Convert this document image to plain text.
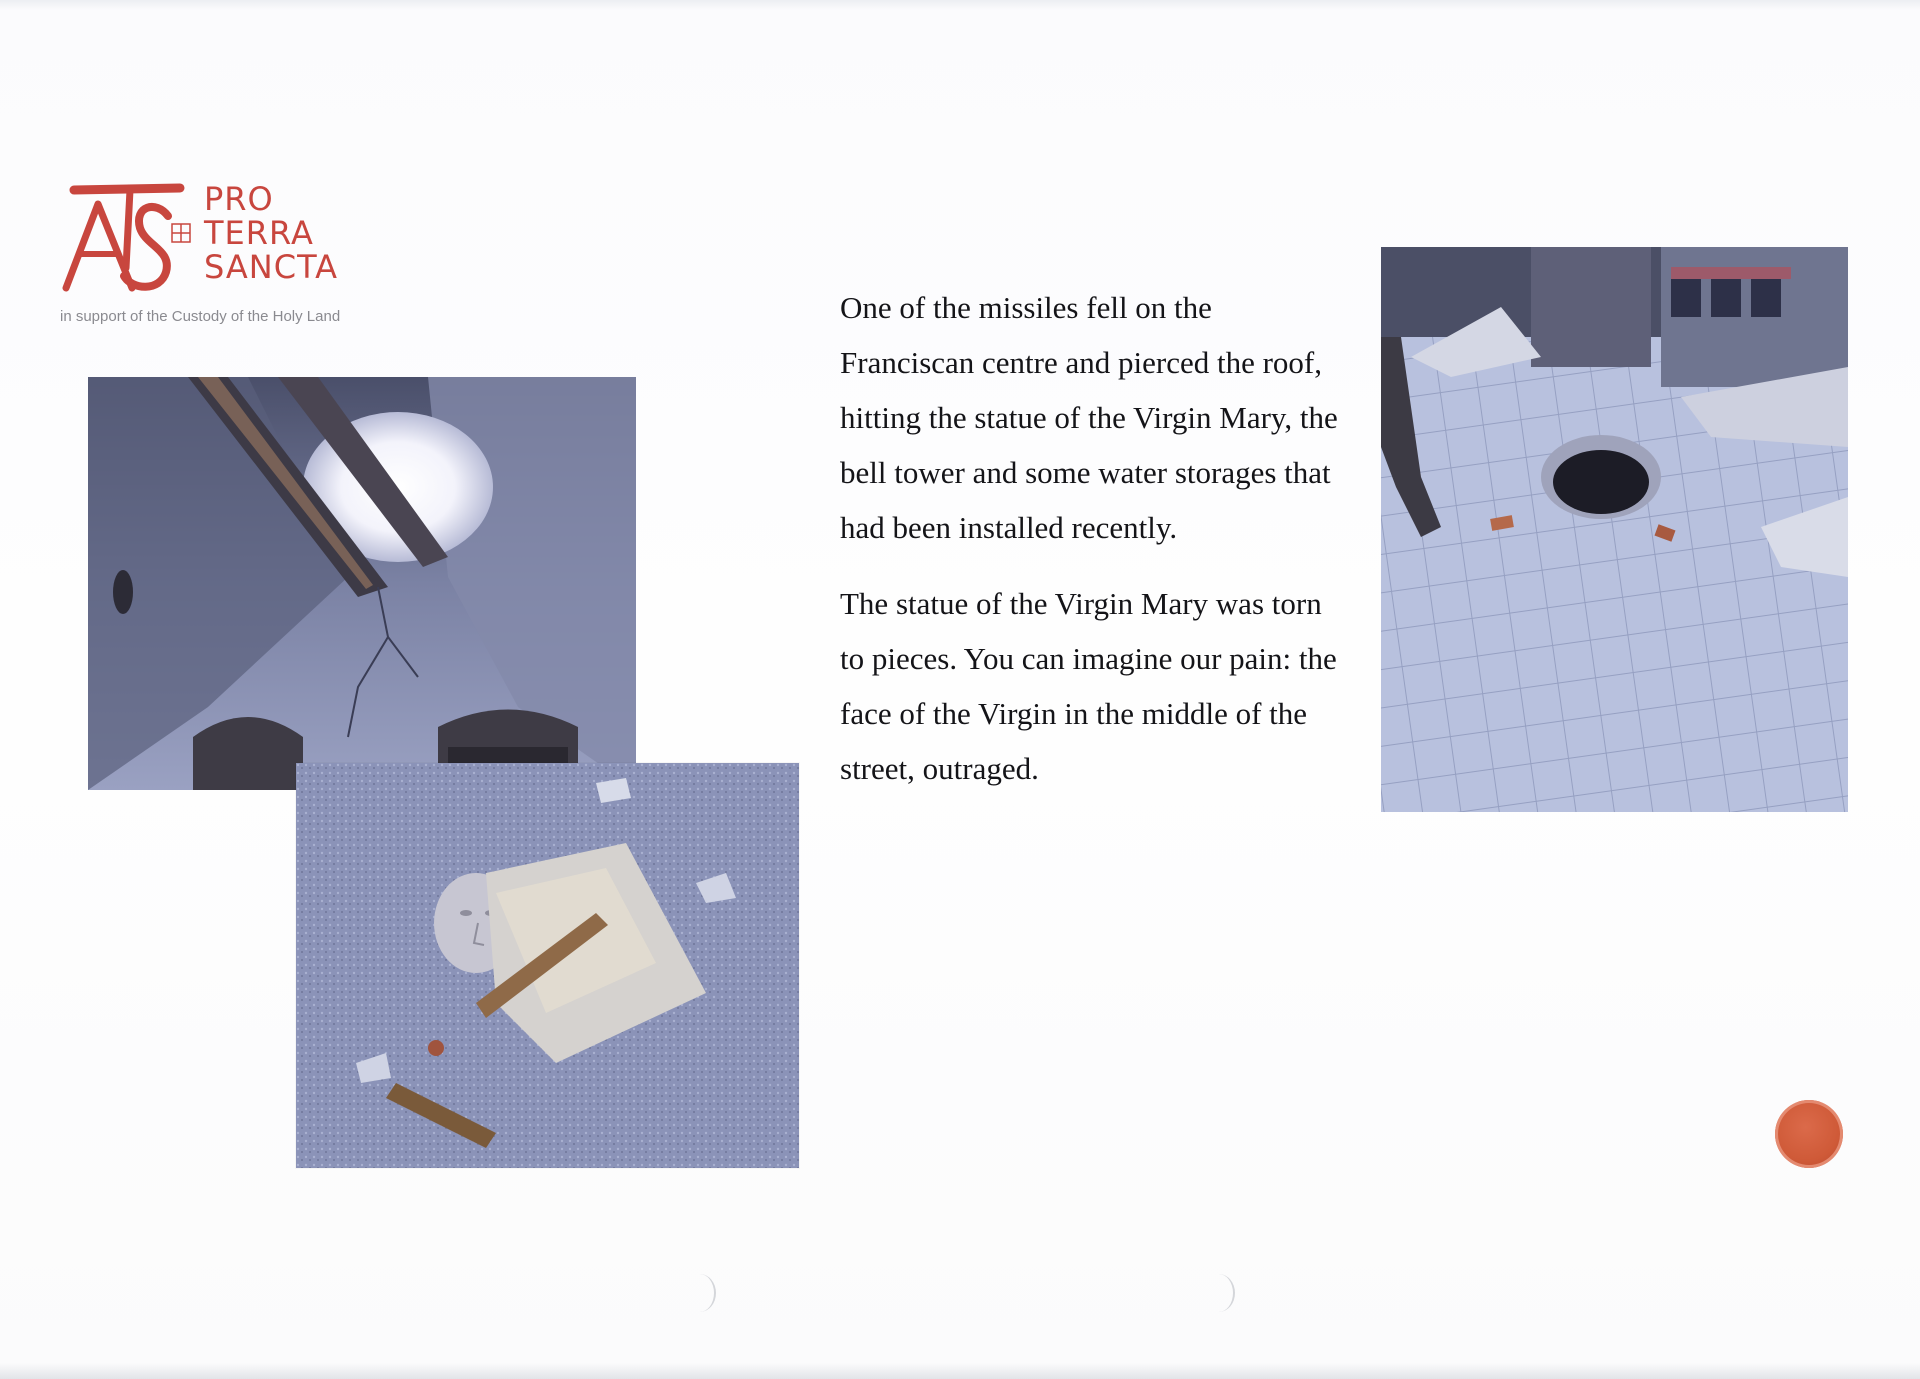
PRO
TERRA
SANCTA
in support of the Custody of the Holy Land	One of the missiles fell on the Franciscan centre and pierced the roof, hitting the statue of the Virgin Mary, the bell tower and some water storages that had been installed recently.

The statue of the Virgin Mary was torn to pieces. You can imagine our pain: the face of the Virgin in the middle of the street, outraged.
